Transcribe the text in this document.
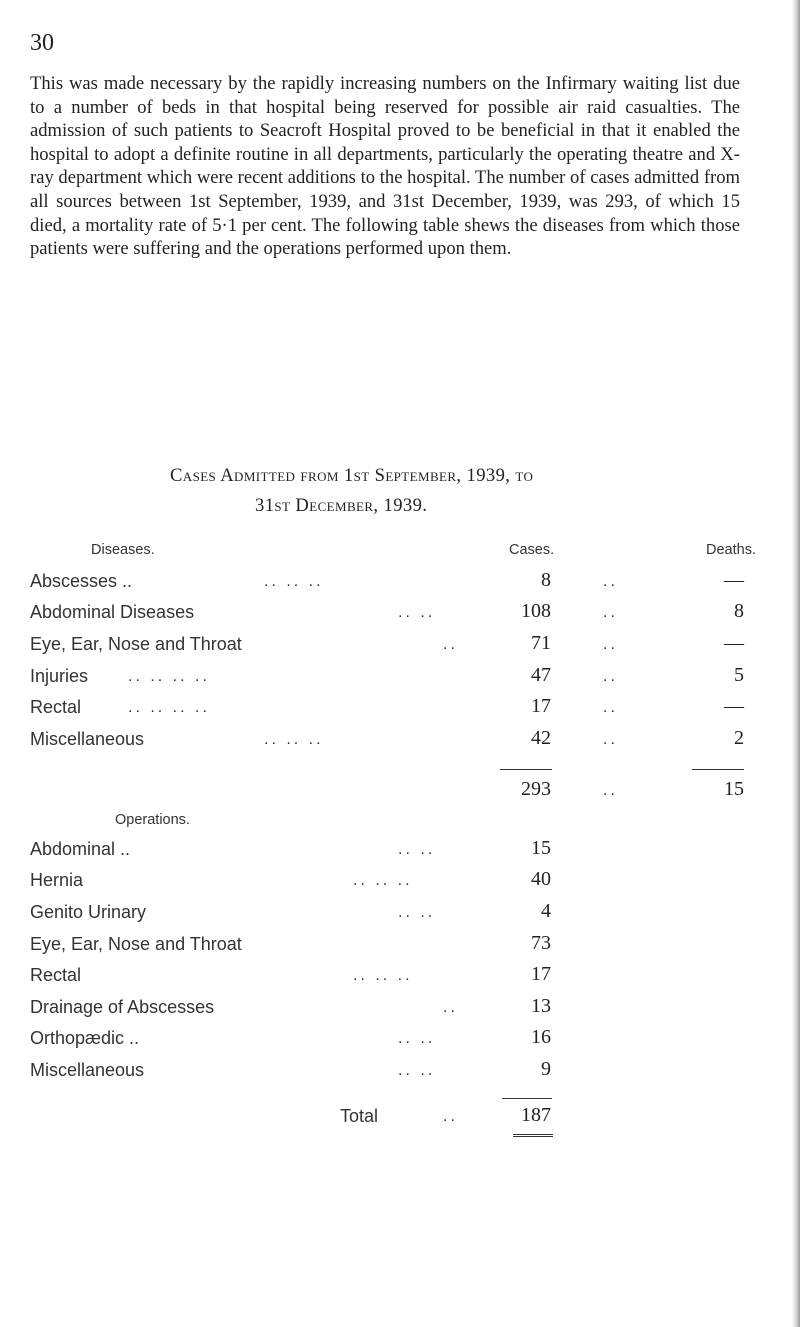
30

This was made necessary by the rapidly increasing numbers on the Infirmary waiting list due to a number of beds in that hospital being reserved for possible air raid casualties. The admission of such patients to Seacroft Hospital proved to be beneficial in that it enabled the hospital to adopt a definite routine in all departments, particularly the operating theatre and X-ray department which were recent additions to the hospital. The number of cases admitted from all sources between 1st September, 1939, and 31st December, 1939, was 293, of which 15 died, a mortality rate of 5·1 per cent. The following table shews the diseases from which those patients were suffering and the operations performed upon them.

Cases Admitted from 1st September, 1939, to
31st December, 1939.
Diseases.	Cases.	Deaths.
Abscesses ..	.. .. ..	8	..	—
Abdominal Diseases	.. ..	108	..	8
Eye, Ear, Nose and Throat	..	71	..	—
Injuries .. .. .. ..	47	..	5
Rectal	.. .. .. ..	17	..	—
Miscellaneous	.. .. ..	42	..	2
293	..	15
Operations.
Abdominal ..	.. ..	15
Hernia	.. .. ..	40
Genito Urinary	.. ..	4
Eye, Ear, Nose and Throat	73
Rectal	.. .. ..	17
Drainage of Abscesses	..	13
Orthopædic ..	.. ..	16
Miscellaneous	.. ..	9
Total	..	187
